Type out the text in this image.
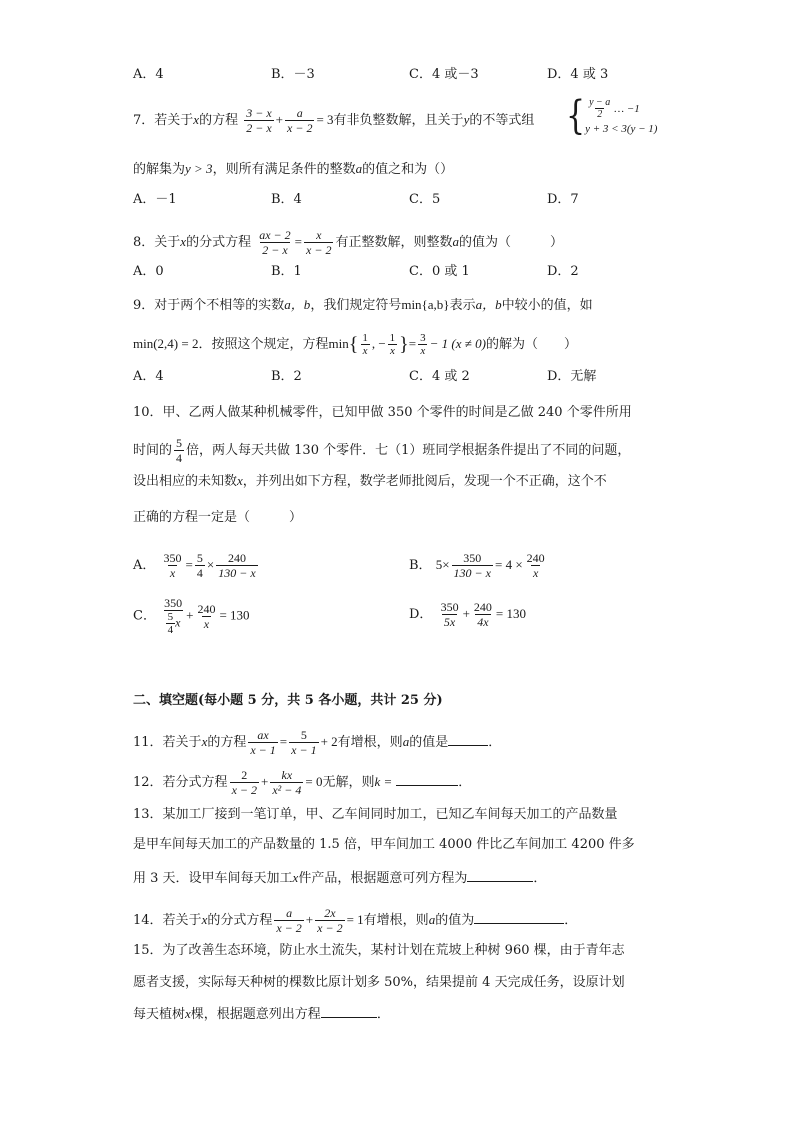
A．4	B．－3	C．4 或－3	D．4 或 3
7．若关于x的方程 $\frac{3 - x}{2 - x} + \frac{a}{x - 2} = 3$有非负整数解，且关于y的不等式组 { $\frac{y - a}{2}$ … −1
y + 3 < 3(y − 1)
的解集为y > 3，则所有满足条件的整数a的值之和为（）
A．－1	B．4	C．5	D．7
8．关于x的分式方程 $\frac{ax - 2}{2 - x} = \frac{x}{x - 2}$ 有正整数解，则整数a的值为（　　　）
A．0	B．1	C．0 或 1	D．2
9．对于两个不相等的实数a，b，我们规定符号min{a,b}表示a，b中较小的值，如
min(2,4) = 2．按照这个规定，方程$\min\{ \frac{1}{x}$ , − $\frac{1}{x}$ }= $\frac{3}{x} - 1$ (x ≠ 0)的解为（　　）
A．4	B．2	C．4 或 2	D．无解
10．甲、乙两人做某种机械零件，已知甲做 350 个零件的时间是乙做 240 个零件所用
时间的 $\frac{5}{4}$ 倍，两人每天共做 130 个零件．七（1）班同学根据条件提出了不同的问题，
设出相应的未知数x，并列出如下方程，数学老师批阅后，发现一个不正确，这个不
正确的方程一定是（　　　）
A． $\frac{350}{x} = \frac{5}{4} \times \frac{240}{130 - x}$	B． $5\times \frac{350}{130 - x} = 4 \times \frac{240}{x}$
C． $\frac{350}{\frac{5}{4} x} + \frac{240}{x} = 130$	D． $\frac{350}{5x} + \frac{240}{4x} = 130$
二、填空题(每小题 5 分，共 5 各小题，共计 25 分)
11．若关于x的方程 $\frac{ax}{x - 1} = \frac{5}{x - 1} + 2$有增根，则a的值是	．
12．若分式方程 $\frac{2}{x - 2} + \frac{kx}{\text{x² − 4}} = 0$无解，则k =	．
13．某加工厂接到一笔订单，甲、乙车间同时加工，已知乙车间每天加工的产品数量
是甲车间每天加工的产品数量的 1.5 倍，甲车间加工 4000 件比乙车间加工 4200 件多
用 3 天．设甲车间每天加工x件产品，根据题意可列方程为	．
14．若关于x的分式方程 $\frac{a}{x - 2} + \frac{2x}{x - 2} = 1$有增根，则a的值为	．
15．为了改善生态环境，防止水土流失，某村计划在荒坡上种树 960 棵，由于青年志
愿者支援，实际每天种树的棵数比原计划多 50%，结果提前 4 天完成任务，设原计划
每天植树x棵，根据题意列出方程	．
